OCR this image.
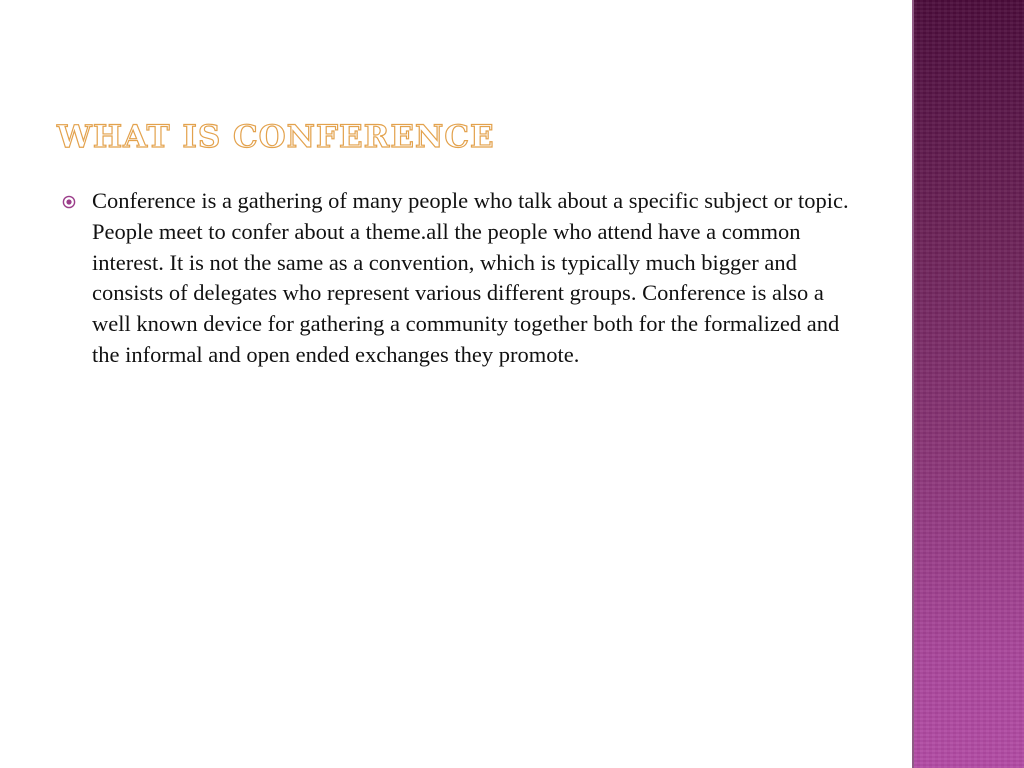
WHAT IS CONFERENCE
Conference is a gathering of many people who talk about a specific subject or topic. People meet to confer about a theme.all the people who attend have a common interest. It is not the same as a convention, which is typically much bigger and consists of delegates who represent various different groups. Conference is also a well known device for gathering a community together both for the formalized and the informal and open ended exchanges they promote.
